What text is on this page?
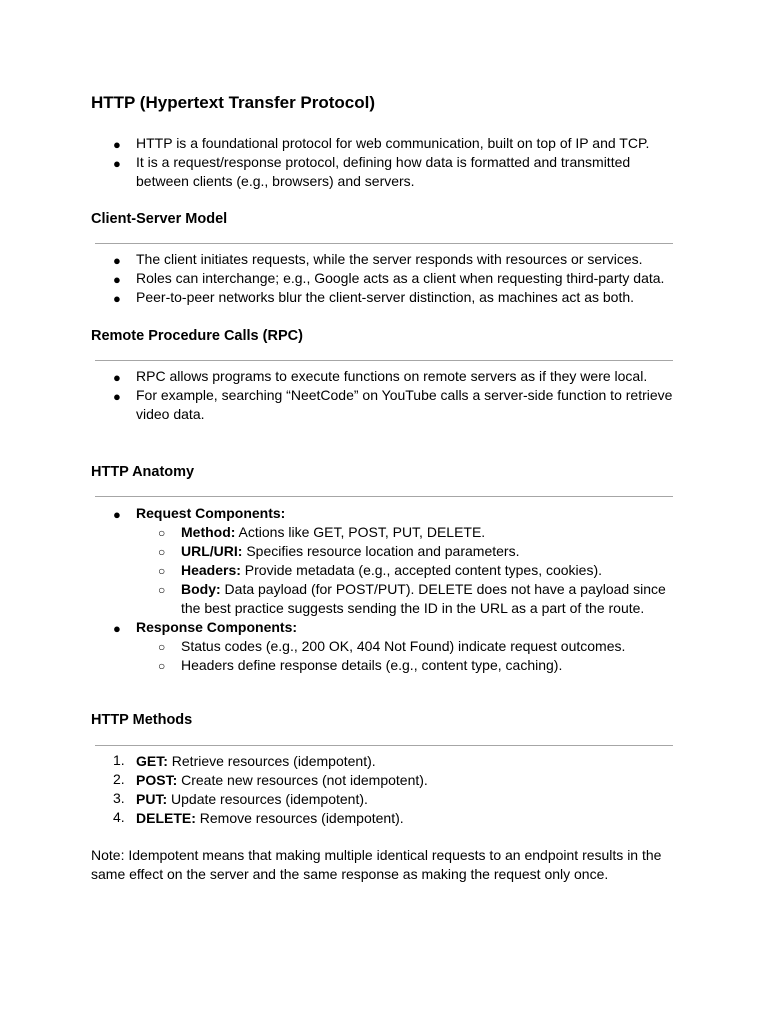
HTTP (Hypertext Transfer Protocol)
● HTTP is a foundational protocol for web communication, built on top of IP and TCP.
● It is a request/response protocol, defining how data is formatted and transmitted
between clients (e.g., browsers) and servers.
Client-Server Model
● The client initiates requests, while the server responds with resources or services.
● Roles can interchange; e.g., Google acts as a client when requesting third-party data.
● Peer-to-peer networks blur the client-server distinction, as machines act as both.
Remote Procedure Calls (RPC)
● RPC allows programs to execute functions on remote servers as if they were local.
● For example, searching “NeetCode” on YouTube calls a server-side function to retrieve
video data.
HTTP Anatomy
● Request Components:
○ Method: Actions like GET, POST, PUT, DELETE.
○ URL/URI: Specifies resource location and parameters.
○ Headers: Provide metadata (e.g., accepted content types, cookies).
○ Body: Data payload (for POST/PUT). DELETE does not have a payload since
the best practice suggests sending the ID in the URL as a part of the route.
● Response Components:
○ Status codes (e.g., 200 OK, 404 Not Found) indicate request outcomes.
○ Headers define response details (e.g., content type, caching).
HTTP Methods
1. GET: Retrieve resources (idempotent).
2. POST: Create new resources (not idempotent).
3. PUT: Update resources (idempotent).
4. DELETE: Remove resources (idempotent).
Note: Idempotent means that making multiple identical requests to an endpoint results in the
same effect on the server and the same response as making the request only once.
